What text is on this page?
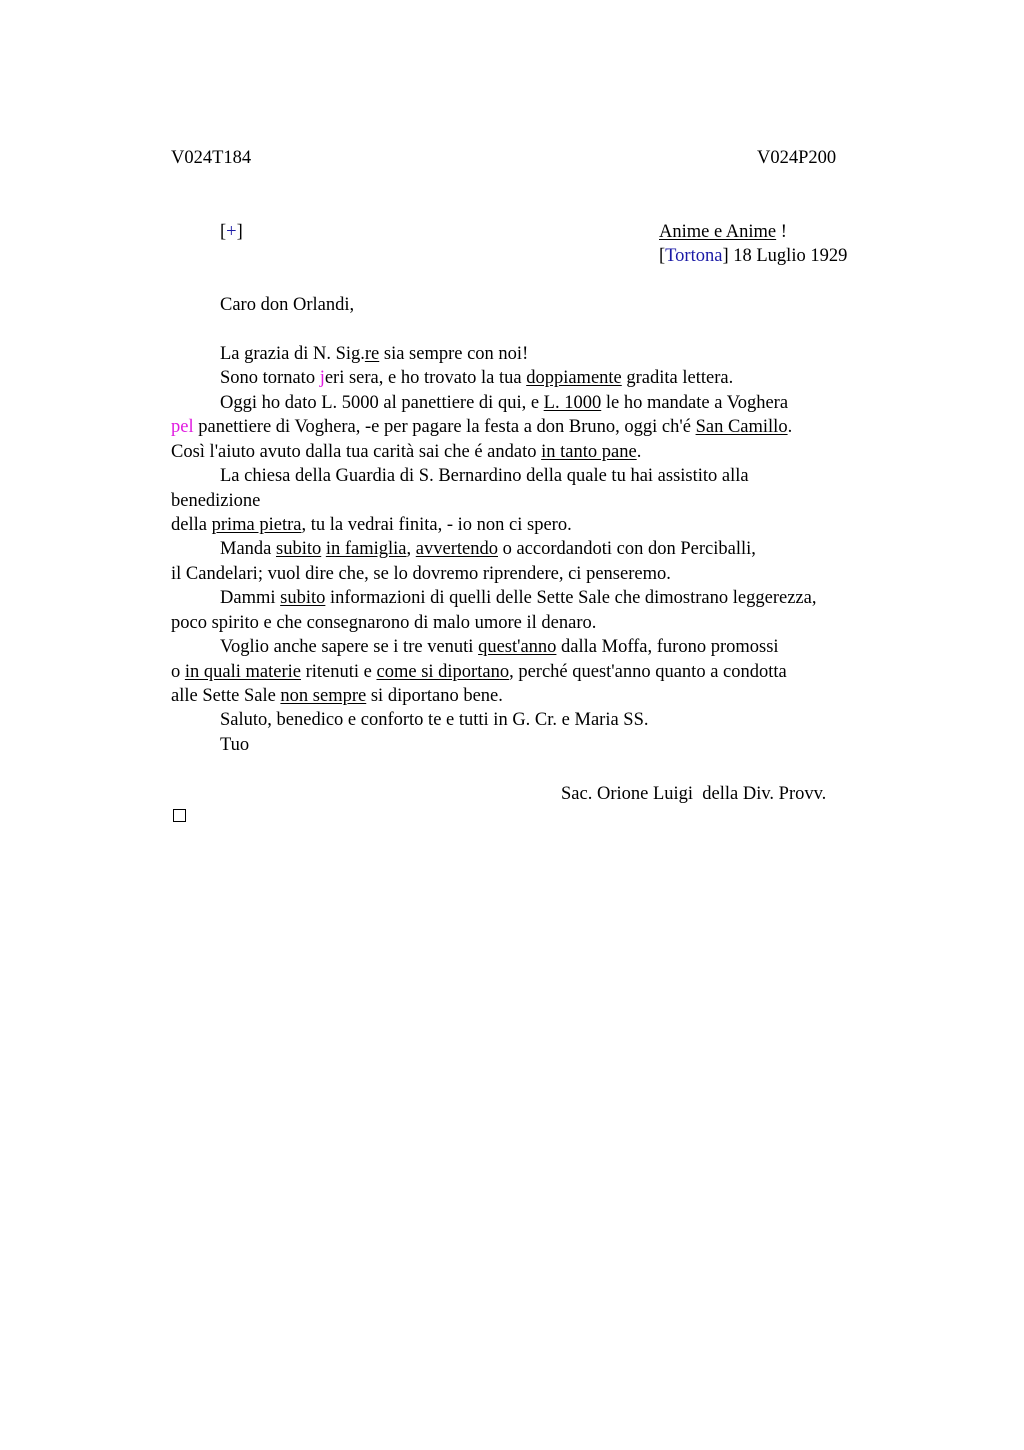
V024T184	V024P200
[+]	Anime e Anime !
[Tortona] 18 Luglio 1929
Caro don Orlandi,
La grazia di N. Sig.re sia sempre con noi!
Sono tornato jeri sera, e ho trovato la tua doppiamente gradita lettera.
Oggi ho dato L. 5000 al panettiere di qui, e L. 1000 le ho mandate a Voghera
pel panettiere di Voghera, -e per pagare la festa a don Bruno, oggi ch'é San Camillo.
Così l'aiuto avuto dalla tua carità sai che é andato in tanto pane.
La chiesa della Guardia di S. Bernardino della quale tu hai assistito alla
benedizione
della prima pietra, tu la vedrai finita, - io non ci spero.
Manda subito in famiglia, avvertendo o accordandoti con don Perciballi,
il Candelari; vuol dire che, se lo dovremo riprendere, ci penseremo.
Dammi subito informazioni di quelli delle Sette Sale che dimostrano leggerezza,
poco spirito e che consegnarono di malo umore il denaro.
Voglio anche sapere se i tre venuti quest'anno dalla Moffa, furono promossi
o in quali materie ritenuti e come si diportano, perché quest'anno quanto a condotta
alle Sette Sale non sempre si diportano bene.
Saluto, benedico e conforto te e tutti in G. Cr. e Maria SS.
Tuo
Sac. Orione Luigi  della Div. Provv.
